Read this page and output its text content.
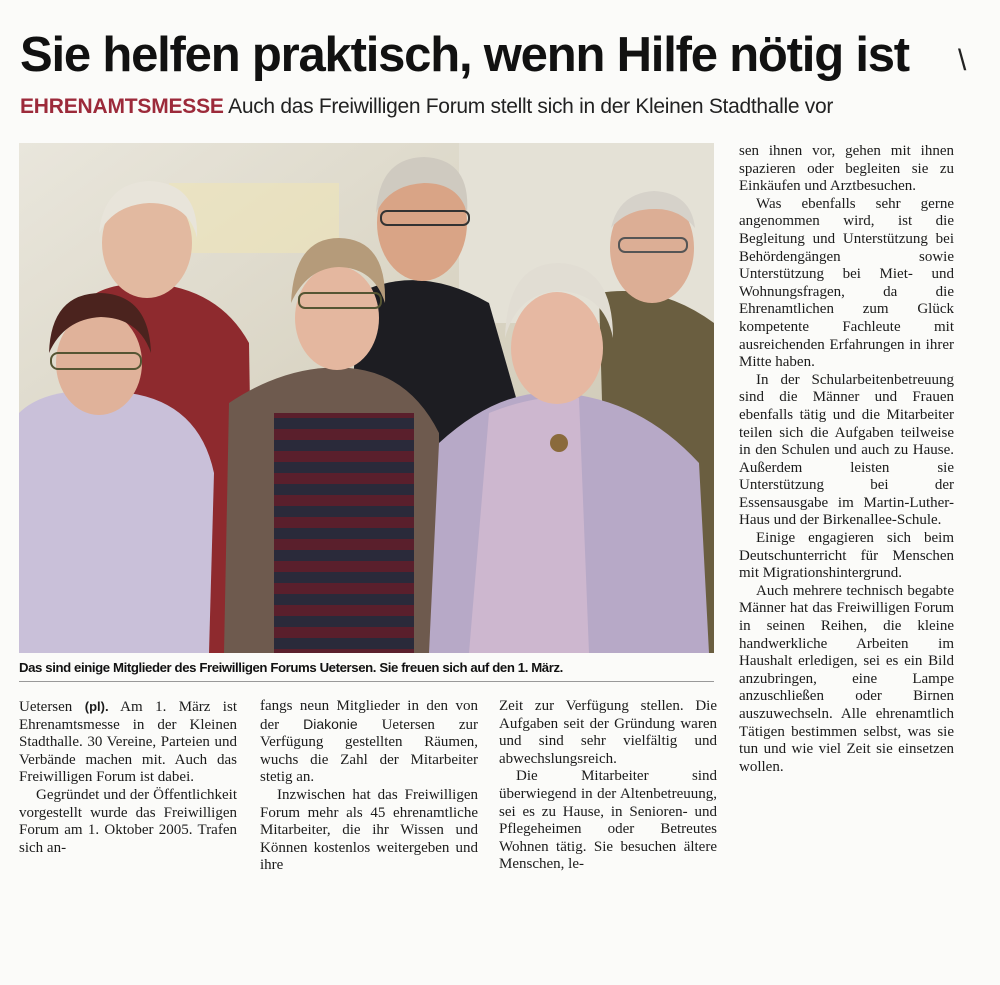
Sie helfen praktisch, wenn Hilfe nötig ist	\
EHRENAMTSMESSE Auch das Freiwilligen Forum stellt sich in der Kleinen Stadthalle vor
Das sind einige Mitglieder des Freiwilligen Forums Uetersen. Sie freuen sich auf den 1. März.

Uetersen (pl). Am 1. März ist Ehrenamtsmesse in der Kleinen Stadthalle. 30 Vereine, Parteien und Verbände machen mit. Auch das Freiwilligen Forum ist dabei.

Gegründet und der Öffentlichkeit vorgestellt wurde das Freiwilligen Forum am 1. Oktober 2005. Trafen sich an-

fangs neun Mitglieder in den von der Diakonie Uetersen zur Verfügung gestellten Räumen, wuchs die Zahl der Mitarbeiter stetig an.

Inzwischen hat das Freiwilligen Forum mehr als 45 ehrenamtliche Mitarbeiter, die ihr Wissen und Können kostenlos weitergeben und ihre

Zeit zur Verfügung stellen. Die Aufgaben seit der Gründung waren und sind sehr vielfältig und abwechslungsreich.

Die Mitarbeiter sind überwiegend in der Altenbetreuung, sei es zu Hause, in Senioren- und Pflegeheimen oder Betreutes Wohnen tätig. Sie besuchen ältere Menschen, le-

sen ihnen vor, gehen mit ihnen spazieren oder begleiten sie zu Einkäufen und Arztbesuchen.

Was ebenfalls sehr gerne angenommen wird, ist die Begleitung und Unterstützung bei Behördengängen sowie Unterstützung bei Miet- und Wohnungsfragen, da die Ehrenamtlichen zum Glück kompetente Fachleute mit ausreichenden Erfahrungen in ihrer Mitte haben.

In der Schularbeitenbetreuung sind die Männer und Frauen ebenfalls tätig und die Mitarbeiter teilen sich die Aufgaben teilweise in den Schulen und auch zu Hause. Außerdem leisten sie Unterstützung bei der Essensausgabe im Martin-Luther-Haus und der Birkenallee-Schule.

Einige engagieren sich beim Deutschunterricht für Menschen mit Migrationshintergrund.

Auch mehrere technisch begabte Männer hat das Freiwilligen Forum in seinen Reihen, die kleine handwerkliche Arbeiten im Haushalt erledigen, sei es ein Bild anzubringen, eine Lampe anzuschließen oder Birnen auszuwechseln. Alle ehrenamtlich Tätigen bestimmen selbst, was sie tun und wie viel Zeit sie einsetzen wollen.
